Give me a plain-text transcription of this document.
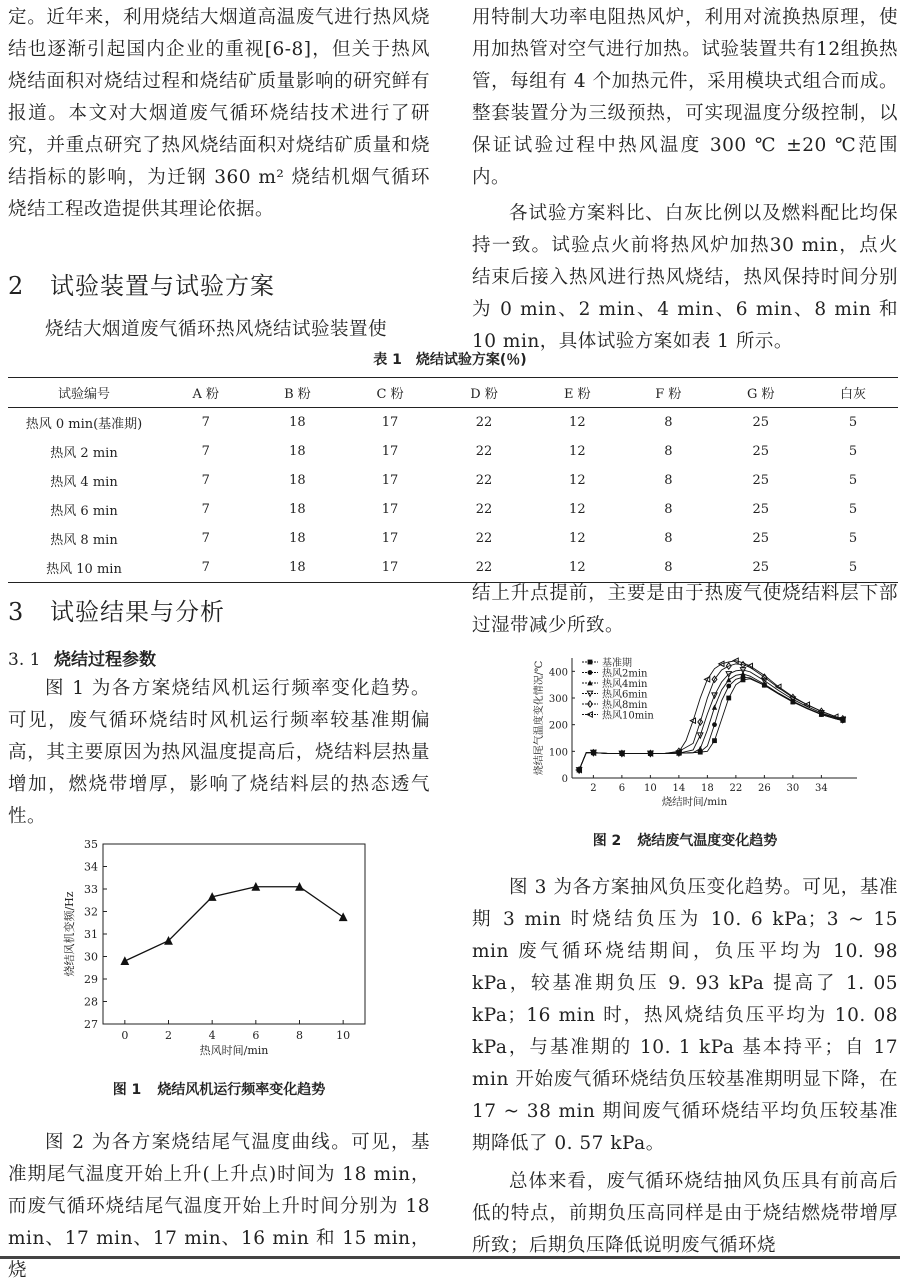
定。近年来，利用烧结大烟道高温废气进行热风烧结也逐渐引起国内企业的重视[6-8]，但关于热风烧结面积对烧结过程和烧结矿质量影响的研究鲜有报道。本文对大烟道废气循环烧结技术进行了研究，并重点研究了热风烧结面积对烧结矿质量和烧结指标的影响，为迁钢 360 m² 烧结机烟气循环烧结工程改造提供其理论依据。

2 试验装置与试验方案

烧结大烟道废气循环热风烧结试验装置使

用特制大功率电阻热风炉，利用对流换热原理，使用加热管对空气进行加热。试验装置共有12组换热管，每组有 4 个加热元件，采用模块式组合而成。整套装置分为三级预热，可实现温度分级控制，以保证试验过程中热风温度 300 ℃ ±20 ℃范围内。

各试验方案料比、白灰比例以及燃料配比均保持一致。试验点火前将热风炉加热30 min，点火结束后接入热风进行热风烧结，热风保持时间分别为 0 min、2 min、4 min、6 min、8 min 和 10 min，具体试验方案如表 1 所示。

表 1　烧结试验方案(％)
试验编号	A 粉	B 粉	C 粉	D 粉	E 粉	F 粉	G 粉	白灰
热风 0 min(基准期)	7	18	17	22	12	8	25	5
热风 2 min	7	18	17	22	12	8	25	5
热风 4 min	7	18	17	22	12	8	25	5
热风 6 min	7	18	17	22	12	8	25	5
热风 8 min	7	18	17	22	12	8	25	5
热风 10 min	7	18	17	22	12	8	25	5
3 试验结果与分析
3. 1 烧结过程参数

图 1 为各方案烧结风机运行频率变化趋势。可见，废气循环烧结时风机运行频率较基准期偏高，其主要原因为热风温度提高后，烧结料层热量增加，燃烧带增厚，影响了烧结料层的热态透气性。

27
28
29
30
31
32
33
34
35
0	2	4	6	8	10
热风时间/min
烧结风机变频/Hz
图 1 烧结风机运行频率变化趋势

图 2 为各方案烧结尾气温度曲线。可见，基准期尾气温度开始上升(上升点)时间为 18 min，而废气循环烧结尾气温度开始上升时间分别为 18 min、17 min、17 min、16 min 和 15 min，烧

结上升点提前，主要是由于热废气使烧结料层下部过湿带减少所致。

0
100
200
300
400
2 6 10 14 18 22 26 30 34
烧结时间/min
烧结尾气温度变化情况/℃	基准期
热风2min
热风4min
热风6min
热风8min
热风10min
图 2 烧结废气温度变化趋势

图 3 为各方案抽风负压变化趋势。可见，基准期 3 min 时烧结负压为 10. 6 kPa；3 ~ 15 min 废气循环烧结期间，负压平均为 10. 98 kPa，较基准期负压 9. 93 kPa 提高了 1. 05 kPa；16 min 时，热风烧结负压平均为 10. 08 kPa，与基准期的 10. 1 kPa 基本持平；自 17 min 开始废气循环烧结负压较基准期明显下降，在 17 ~ 38 min 期间废气循环烧结平均负压较基准期降低了 0. 57 kPa。

总体来看，废气循环烧结抽风负压具有前高后低的特点，前期负压高同样是由于烧结燃烧带增厚所致；后期负压降低说明废气循环烧
